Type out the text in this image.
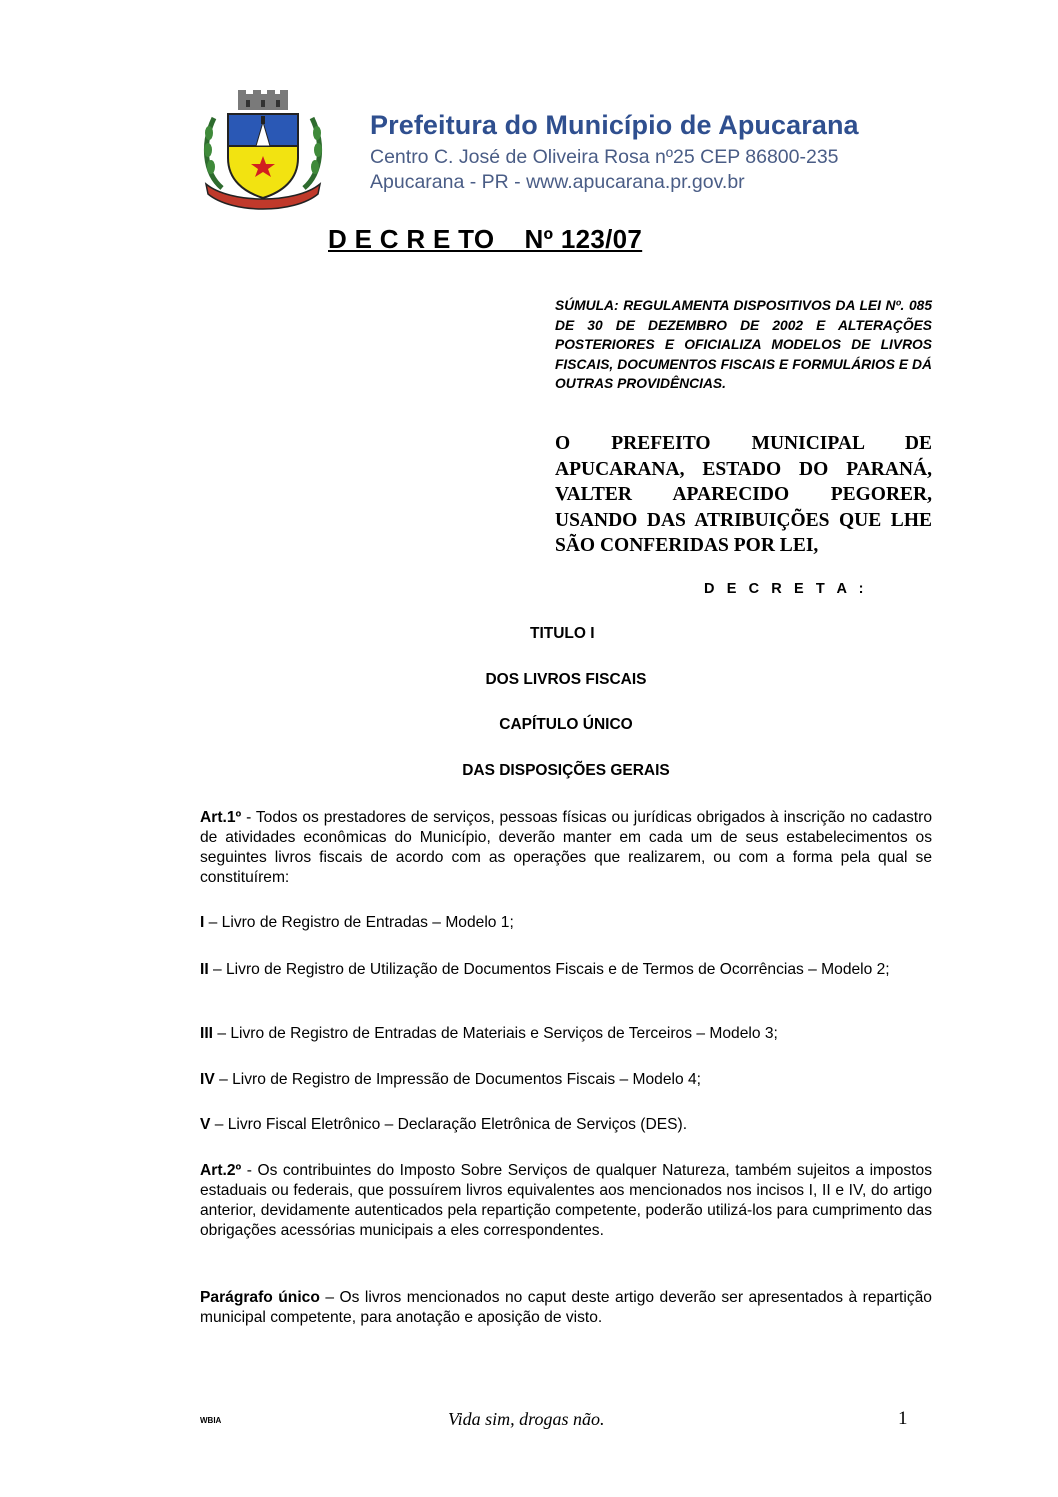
Prefeitura do Município de Apucarana
Centro C. José de Oliveira Rosa nº25 CEP 86800-235
Apucarana - PR - www.apucarana.pr.gov.br
D E C R E TO    Nº 123/07
SÚMULA: REGULAMENTA DISPOSITIVOS DA LEI Nº. 085 DE 30 DE DEZEMBRO DE 2002 E ALTERAÇÕES POSTERIORES E OFICIALIZA MODELOS DE LIVROS FISCAIS, DOCUMENTOS FISCAIS E FORMULÁRIOS E DÁ OUTRAS PROVIDÊNCIAS.
O PREFEITO MUNICIPAL DE APUCARANA, ESTADO DO PARANÁ, VALTER APARECIDO PEGORER, USANDO DAS ATRIBUIÇÕES QUE LHE SÃO CONFERIDAS POR LEI,
D E C R E T A :
TITULO I
DOS LIVROS FISCAIS
CAPÍTULO ÚNICO
DAS DISPOSIÇÕES GERAIS
Art.1º - Todos os prestadores de serviços, pessoas físicas ou jurídicas obrigados à inscrição no cadastro de atividades econômicas do Município, deverão manter em cada um de seus estabelecimentos os seguintes livros fiscais de acordo com as operações que realizarem, ou com a forma pela qual se constituírem:
I – Livro de Registro de Entradas – Modelo 1;
II – Livro de Registro de Utilização de Documentos Fiscais e de Termos de Ocorrências – Modelo 2;
III – Livro de Registro de Entradas de Materiais e Serviços de Terceiros – Modelo 3;
IV – Livro de Registro de Impressão de Documentos Fiscais – Modelo 4;
V – Livro Fiscal Eletrônico – Declaração Eletrônica de Serviços (DES).
Art.2º - Os contribuintes do Imposto Sobre Serviços de qualquer Natureza, também sujeitos a impostos estaduais ou federais, que possuírem livros equivalentes aos mencionados nos incisos I, II e IV, do artigo anterior, devidamente autenticados pela repartição competente, poderão utilizá-los para cumprimento das obrigações acessórias municipais a eles correspondentes.
Parágrafo único – Os livros mencionados no caput deste artigo deverão ser apresentados à repartição municipal competente, para anotação e aposição de visto.
WBIA	Vida sim, drogas não.	1
